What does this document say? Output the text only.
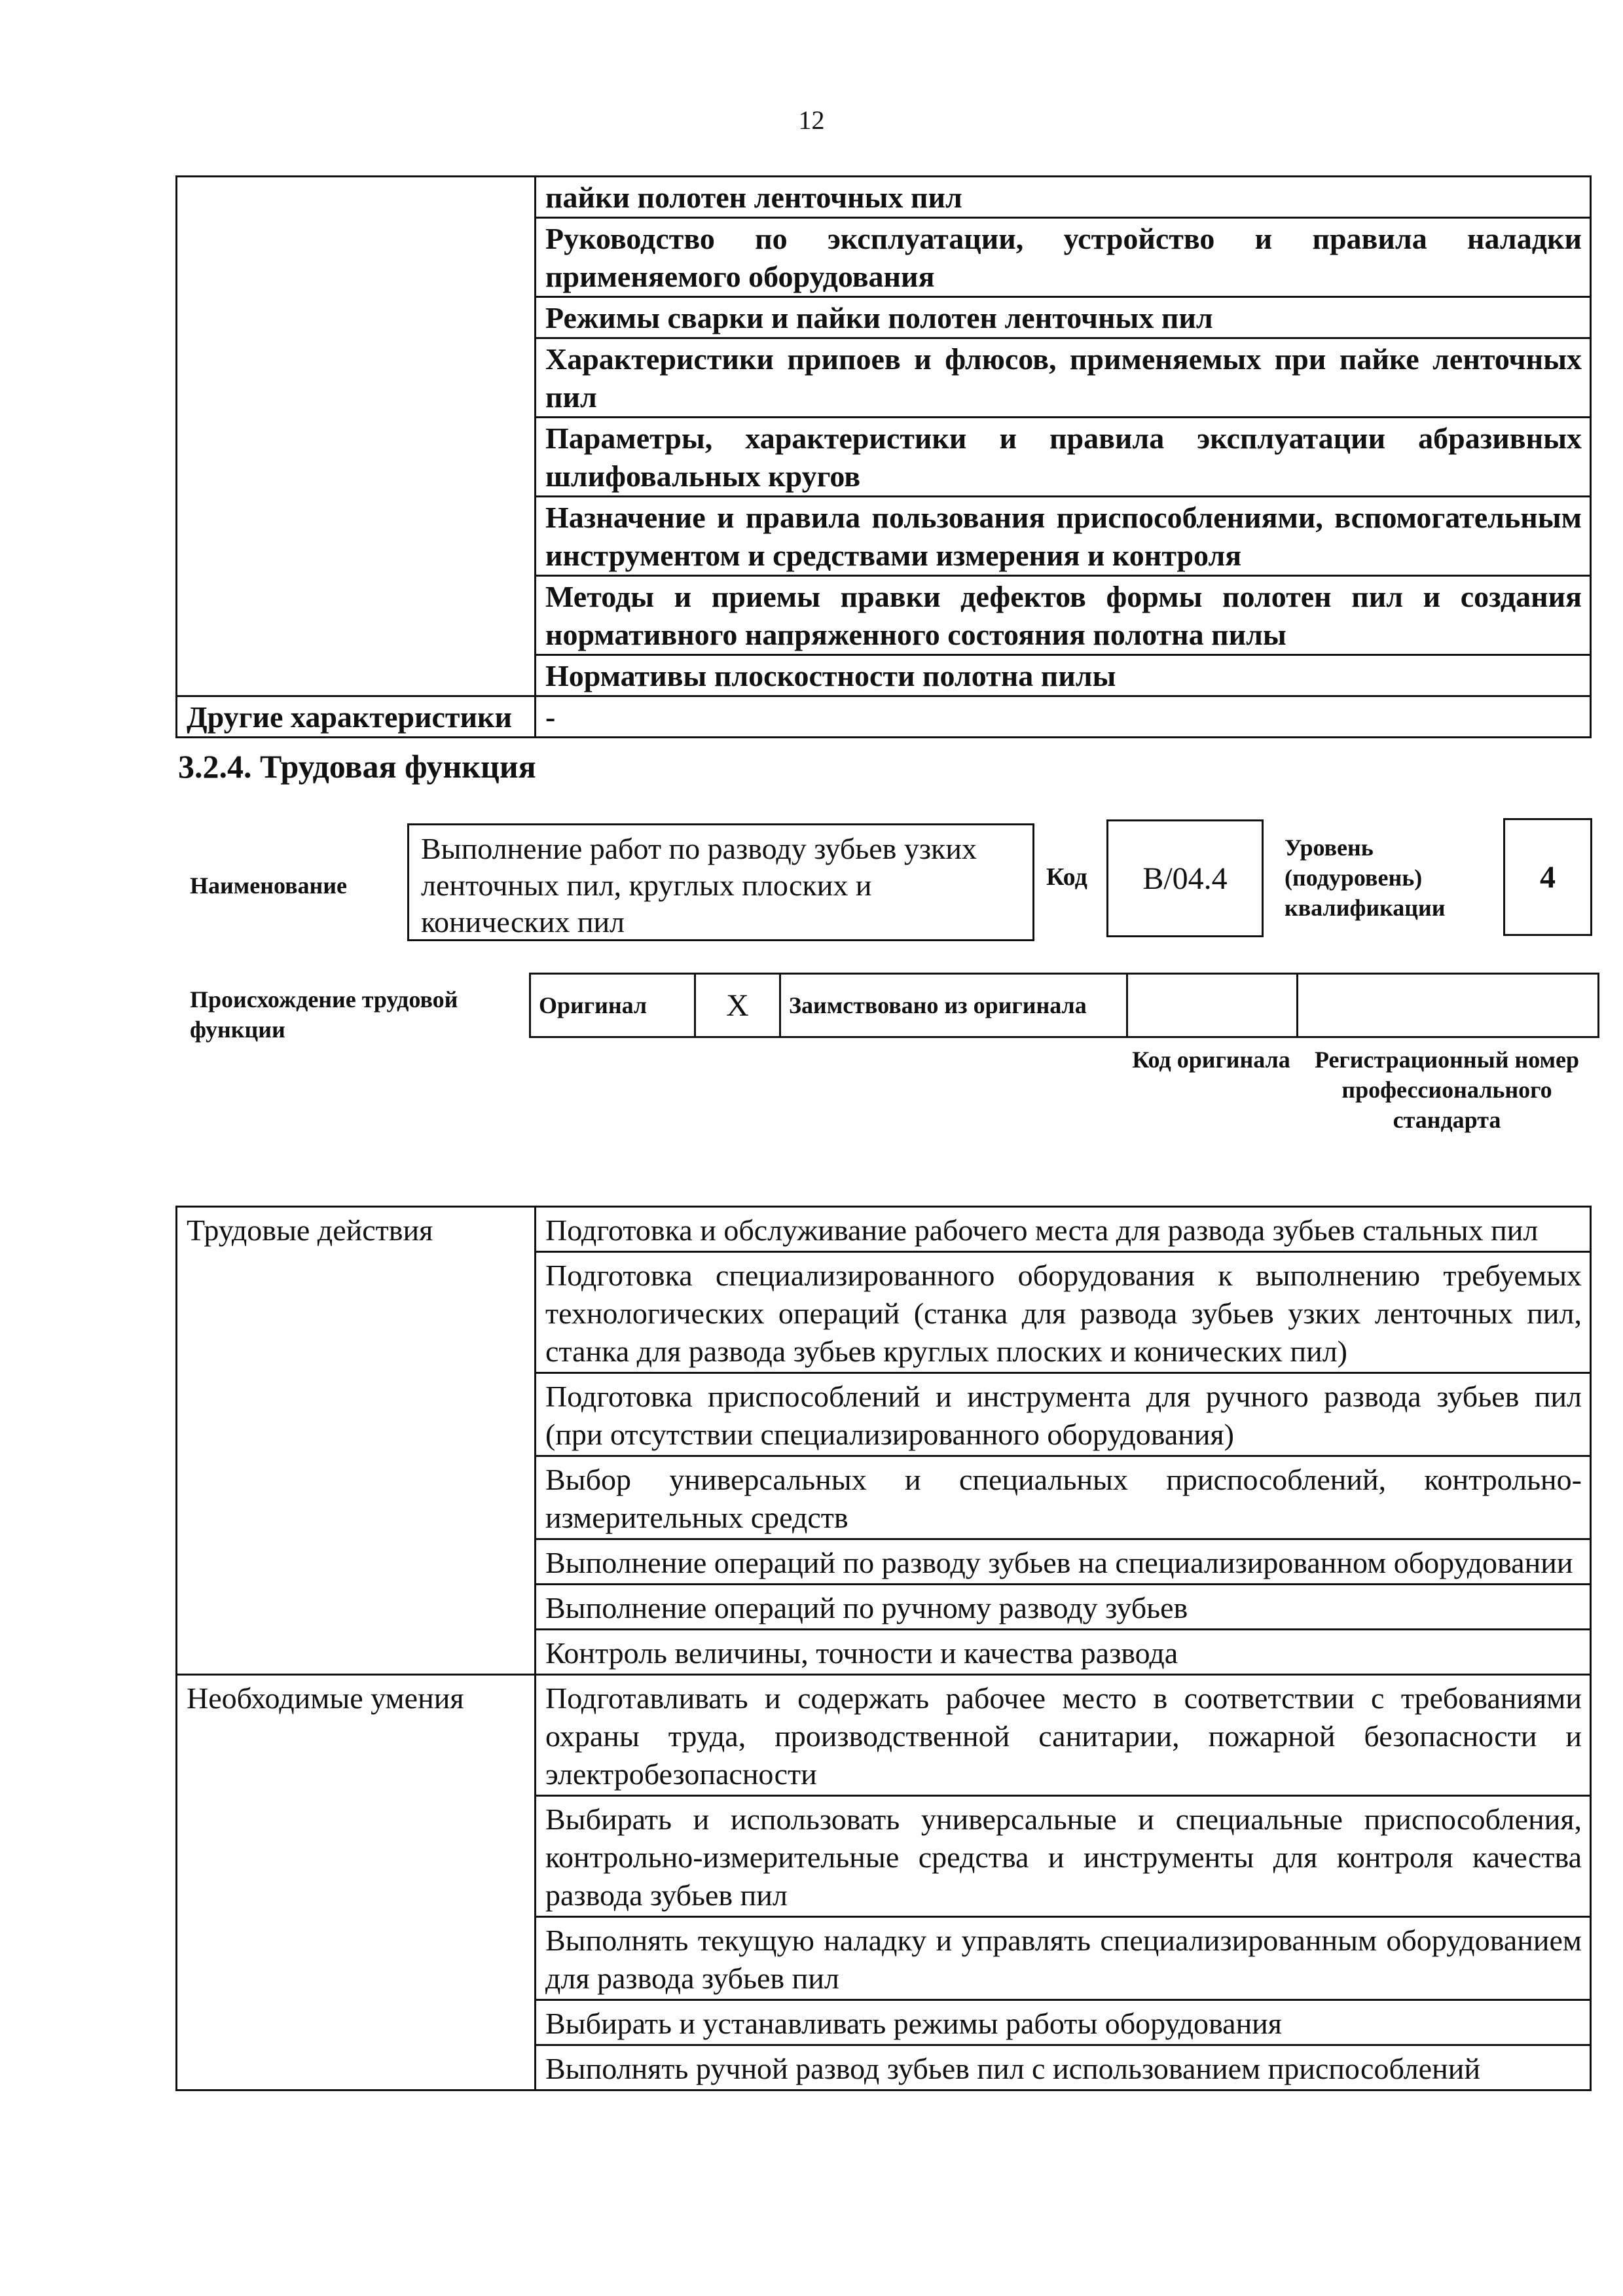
12
	пайки полотен ленточных пил
	Руководство по эксплуатации, устройство и правила наладки применяемого оборудования
	Режимы сварки и пайки полотен ленточных пил
	Характеристики припоев и флюсов, применяемых при пайке ленточных пил
	Параметры, характеристики и правила эксплуатации абразивных шлифовальных кругов
	Назначение и правила пользования приспособлениями, вспомогательным инструментом и средствами измерения и контроля
	Методы и приемы правки дефектов формы полотен пил и создания нормативного напряженного состояния полотна пилы
	Нормативы плоскостности полотна пилы
Другие характеристики	-
3.2.4. Трудовая функция
Наименование
Выполнение работ по разводу зубьев узких ленточных пил, круглых плоских и конических пил
Код	B/04.4
Уровень (подуровень) квалификации
4
Происхождение трудовой функции
Оригинал	X	Заимствовано из оригинала		
Код оригинала	Регистрационный номер профессионального стандарта
Трудовые действия	Подготовка и обслуживание рабочего места для развода зубьев стальных пил
	Подготовка специализированного оборудования к выполнению требуемых технологических операций (станка для развода зубьев узких ленточных пил, станка для развода зубьев круглых плоских и конических пил)
	Подготовка приспособлений и инструмента для ручного развода зубьев пил (при отсутствии специализированного оборудования)
	Выбор универсальных и специальных приспособлений, контрольно-измерительных средств
	Выполнение операций по разводу зубьев на специализированном оборудовании
	Выполнение операций по ручному разводу зубьев
	Контроль величины, точности и качества развода
Необходимые умения	Подготавливать и содержать рабочее место в соответствии с требованиями охраны труда, производственной санитарии, пожарной безопасности и электробезопасности
	Выбирать и использовать универсальные и специальные приспособления, контрольно-измерительные средства и инструменты для контроля качества развода зубьев пил
	Выполнять текущую наладку и управлять специализированным оборудованием для развода зубьев пил
	Выбирать и устанавливать режимы работы оборудования
	Выполнять ручной развод зубьев пил с использованием приспособлений
